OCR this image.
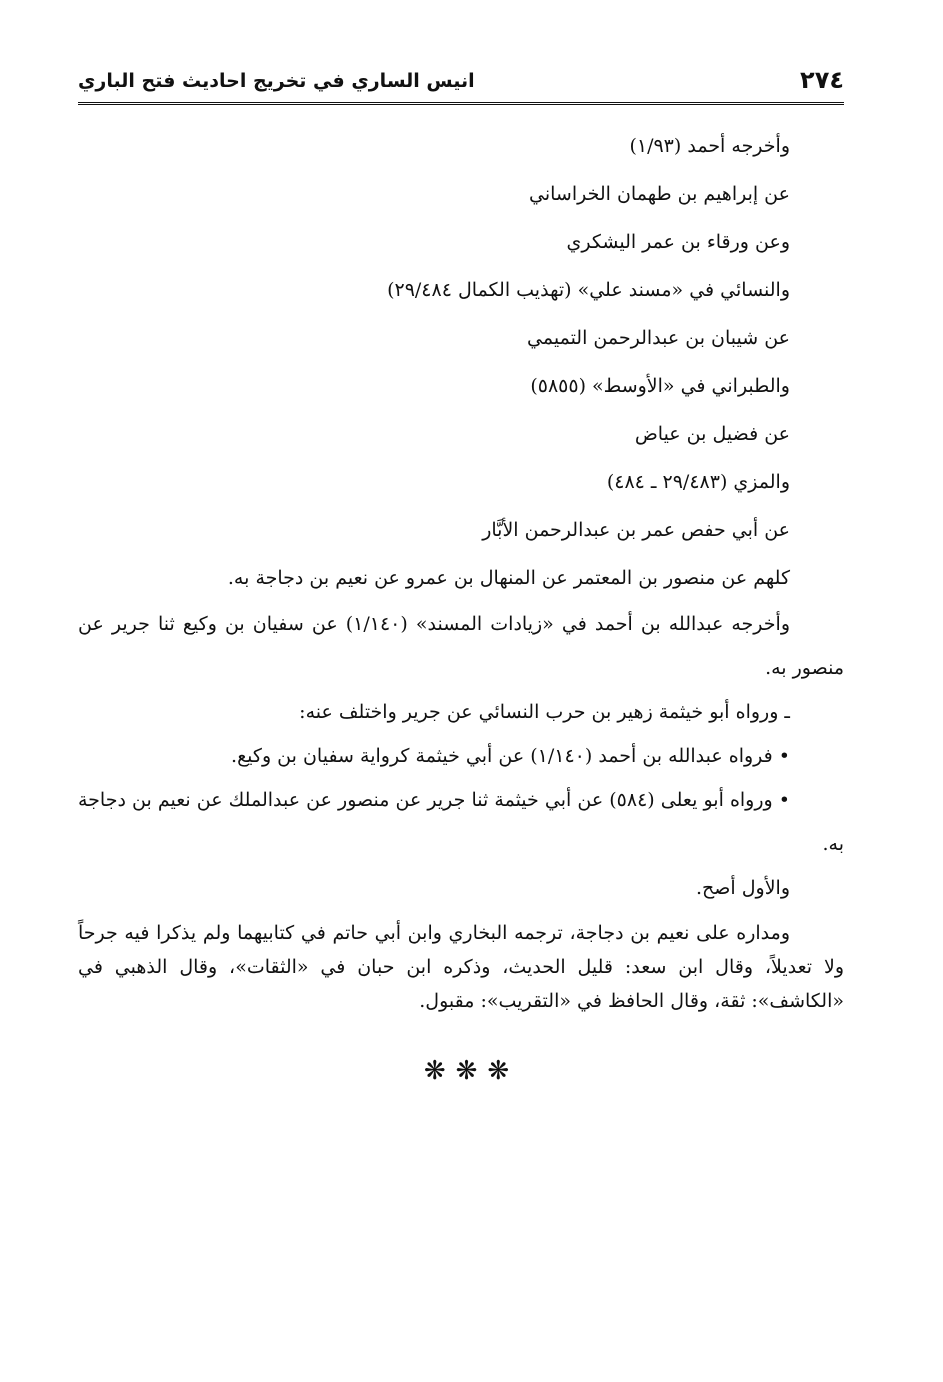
٢٧٤
انيس الساري في تخريج احاديث فتح الباري
وأخرجه أحمد (١/٩٣)
عن إبراهيم بن طهمان الخراساني
وعن ورقاء بن عمر اليشكري
والنسائي في «مسند علي» (تهذيب الكمال ٢٩/٤٨٤)
عن شيبان بن عبدالرحمن التميمي
والطبراني في «الأوسط» (٥٨٥٥)
عن فضيل بن عياض
والمزي (٢٩/٤٨٣ ـ ٤٨٤)
عن أبي حفص عمر بن عبدالرحمن الأبَّار
كلهم عن منصور بن المعتمر عن المنهال بن عمرو عن نعيم بن دجاجة به.
وأخرجه عبدالله بن أحمد في «زيادات المسند» (١/١٤٠) عن سفيان بن وكيع ثنا جرير عن منصور به.
ـ ورواه أبو خيثمة زهير بن حرب النسائي عن جرير واختلف عنه:
• فرواه عبدالله بن أحمد (١/١٤٠) عن أبي خيثمة كرواية سفيان بن وكيع.
• ورواه أبو يعلى (٥٨٤) عن أبي خيثمة ثنا جرير عن منصور عن عبدالملك عن نعيم بن دجاجة به.
والأول أصح.
ومداره على نعيم بن دجاجة، ترجمه البخاري وابن أبي حاتم في كتابيهما ولم يذكرا فيه جرحاً ولا تعديلاً، وقال ابن سعد: قليل الحديث، وذكره ابن حبان في «الثقات»، وقال الذهبي في «الكاشف»: ثقة، وقال الحافظ في «التقريب»: مقبول.
❋❋❋
